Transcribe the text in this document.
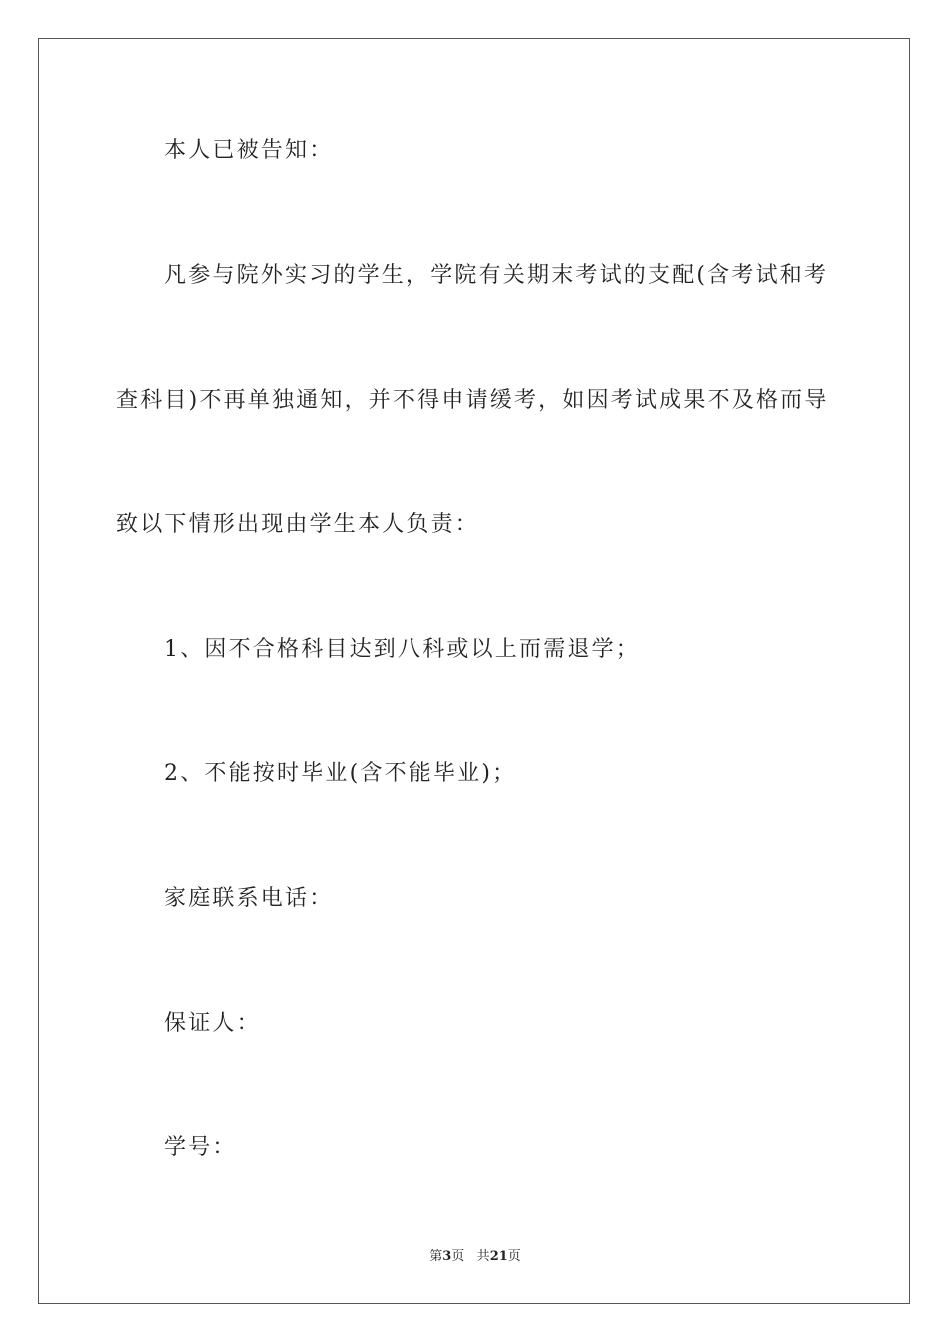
本人已被告知：
凡参与院外实习的学生，学院有关期末考试的支配(含考试和考
查科目)不再单独通知，并不得申请缓考，如因考试成果不及格而导
致以下情形出现由学生本人负责：
1、因不合格科目达到八科或以上而需退学；
2、不能按时毕业(含不能毕业)；
家庭联系电话：
保证人：
学号：
第3页 共21页
